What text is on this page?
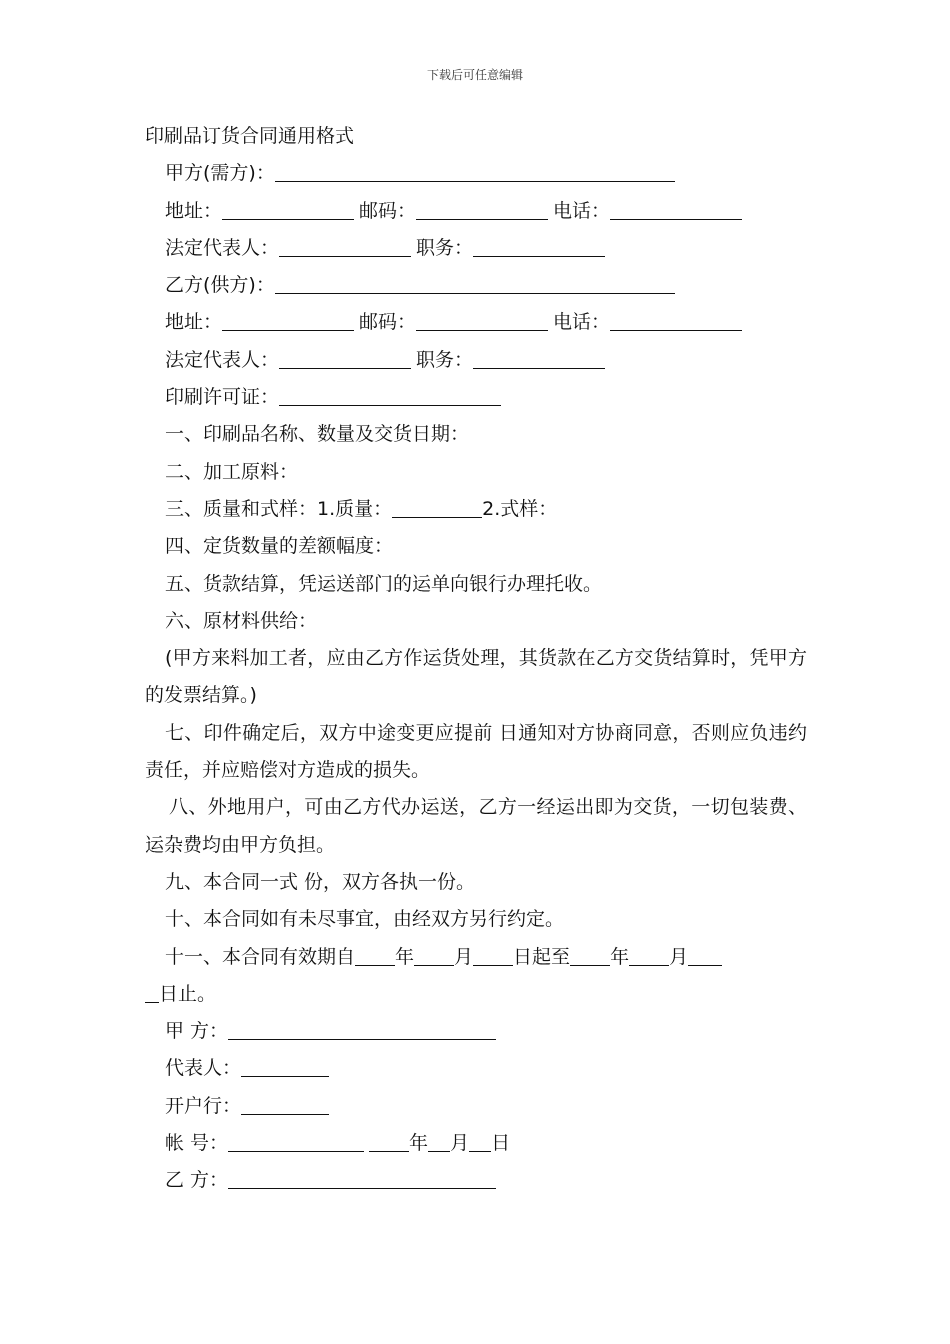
下载后可任意编辑

印刷品订货合同通用格式

甲方(需方)：

地址：	邮码：	电话：

法定代表人：	职务：

乙方(供方)：

地址：	邮码：	电话：

法定代表人：	职务：

印刷许可证：

一、印刷品名称、数量及交货日期：

二、加工原料：

三、质量和式样：1.质量：	2.式样：

四、定货数量的差额幅度：

五、货款结算，凭运送部门的运单向银行办理托收。

六、原材料供给：

(甲方来料加工者，应由乙方作运货处理，其货款在乙方交货结算时，凭甲方的发票结算。)

七、印件确定后，双方中途变更应提前 日通知对方协商同意，否则应负违约责任，并应赔偿对方造成的损失。

八、外地用户，可由乙方代办运送，乙方一经运出即为交货，一切包装费、运杂费均由甲方负担。

九、本合同一式 份，双方各执一份。

十、本合同如有未尽事宜，由经双方另行约定。

十一、本合同有效期自 年 月 日起至 年 月

日止。

甲 方：

代表人：

开户行：

帐 号：	年 月 日

乙 方：
